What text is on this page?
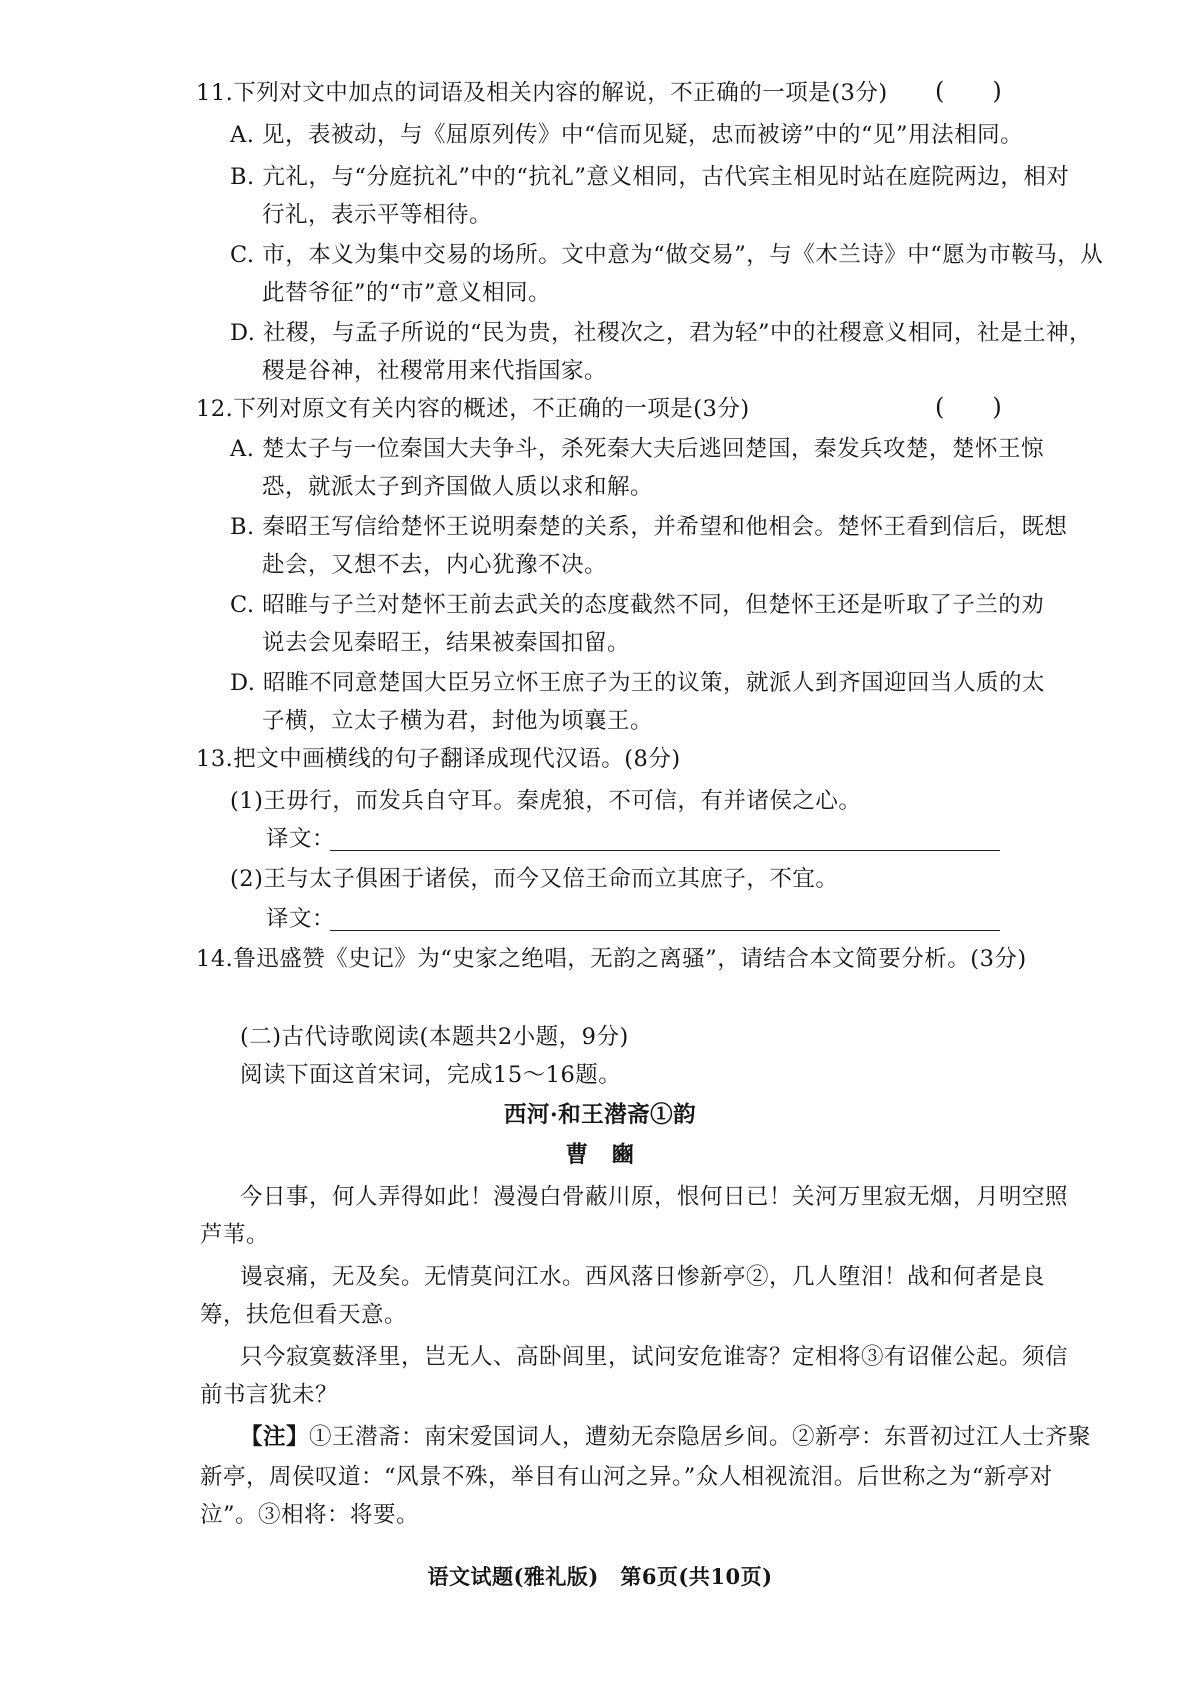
11.下列对文中加点的词语及相关内容的解说，不正确的一项是(3分) (　　)
A. 见，表被动，与《屈原列传》中“信而见疑，忠而被谤”中的“见”用法相同。
B. 亢礼，与“分庭抗礼”中的“抗礼”意义相同，古代宾主相见时站在庭院两边，相对
行礼，表示平等相待。
C. 市，本义为集中交易的场所。文中意为“做交易”，与《木兰诗》中“愿为市鞍马，从
此替爷征”的“市”意义相同。
D. 社稷，与孟子所说的“民为贵，社稷次之，君为轻”中的社稷意义相同，社是土神，
稷是谷神，社稷常用来代指国家。
12.下列对原文有关内容的概述，不正确的一项是(3分)	(　　)
A. 楚太子与一位秦国大夫争斗，杀死秦大夫后逃回楚国，秦发兵攻楚，楚怀王惊
恐，就派太子到齐国做人质以求和解。
B. 秦昭王写信给楚怀王说明秦楚的关系，并希望和他相会。楚怀王看到信后，既想
赴会，又想不去，内心犹豫不决。
C. 昭睢与子兰对楚怀王前去武关的态度截然不同，但楚怀王还是听取了子兰的劝
说去会见秦昭王，结果被秦国扣留。
D. 昭睢不同意楚国大臣另立怀王庶子为王的议策，就派人到齐国迎回当人质的太
子横，立太子横为君，封他为顷襄王。
13.把文中画横线的句子翻译成现代汉语。(8分)
(1)王毋行，而发兵自守耳。秦虎狼，不可信，有并诸侯之心。
译文：
(2)王与太子俱困于诸侯，而今又倍王命而立其庶子，不宜。
译文：
14.鲁迅盛赞《史记》为“史家之绝唱，无韵之离骚”，请结合本文简要分析。(3分)
(二)古代诗歌阅读(本题共2小题，9分)
阅读下面这首宋词，完成15～16题。
西河·和王潜斋①韵
曹　豳
今日事，何人弄得如此！漫漫白骨蔽川原，恨何日已！关河万里寂无烟，月明空照
芦苇。
谩哀痛，无及矣。无情莫问江水。西风落日惨新亭②，几人堕泪！战和何者是良
筹，扶危但看天意。
只今寂寞薮泽里，岂无人、高卧闾里，试问安危谁寄？定相将③有诏催公起。须信
前书言犹未？
【注】①王潜斋：南宋爱国词人，遭劾无奈隐居乡间。②新亭：东晋初过江人士齐聚
新亭，周侯叹道：“风景不殊，举目有山河之异。”众人相视流泪。后世称之为“新亭对
泣”。③相将：将要。
语文试题(雅礼版)　第6页(共10页)
